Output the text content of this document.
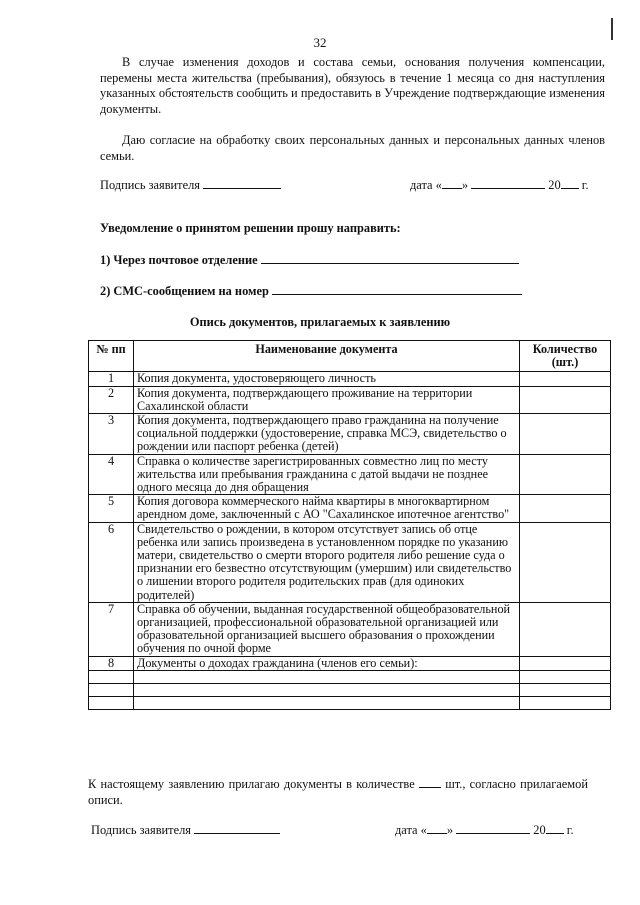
32
В случае изменения доходов и состава семьи, основания получения компенсации, перемены места жительства (пребывания), обязуюсь в течение 1 месяца со дня наступления указанных обстоятельств сообщить и предоставить в Учреждение подтверждающие изменения документы.
Даю согласие на обработку своих персональных данных и персональных данных членов семьи.
Подпись заявителя	дата « »	20 г.
Уведомление о принятом решении прошу направить:
1) Через почтовое отделение
2) СМС-сообщением на номер
Опись документов, прилагаемых к заявлению
№ пп	Наименование документа	Количество (шт.)
1	Копия документа, удостоверяющего личность	
2	Копия документа, подтверждающего проживание на территории Сахалинской области	
3	Копия документа, подтверждающего право гражданина на получение социальной поддержки (удостоверение, справка МСЭ, свидетельство о рождении или паспорт ребенка (детей)	
4	Справка о количестве зарегистрированных совместно лиц по месту жительства или пребывания гражданина с датой выдачи не позднее одного месяца до дня обращения	
5	Копия договора коммерческого найма квартиры в многоквартирном арендном доме, заключенный с АО "Сахалинское ипотечное агентство"	
6	Свидетельство о рождении, в котором отсутствует запись об отце ребенка или запись произведена в установленном порядке по указанию матери, свидетельство о смерти второго родителя либо решение суда о признании его безвестно отсутствующим (умершим) или свидетельство о лишении второго родителя родительских прав (для одиноких родителей)	
7	Справка об обучении, выданная государственной общеобразовательной организацией, профессиональной образовательной организацией или образовательной организацией высшего образования о прохождении обучения по очной форме	
8	Документы о доходах гражданина (членов его семьи):	

К настоящему заявлению прилагаю документы в количестве шт., согласно прилагаемой описи.
Подпись заявителя	дата « »	20 г.
